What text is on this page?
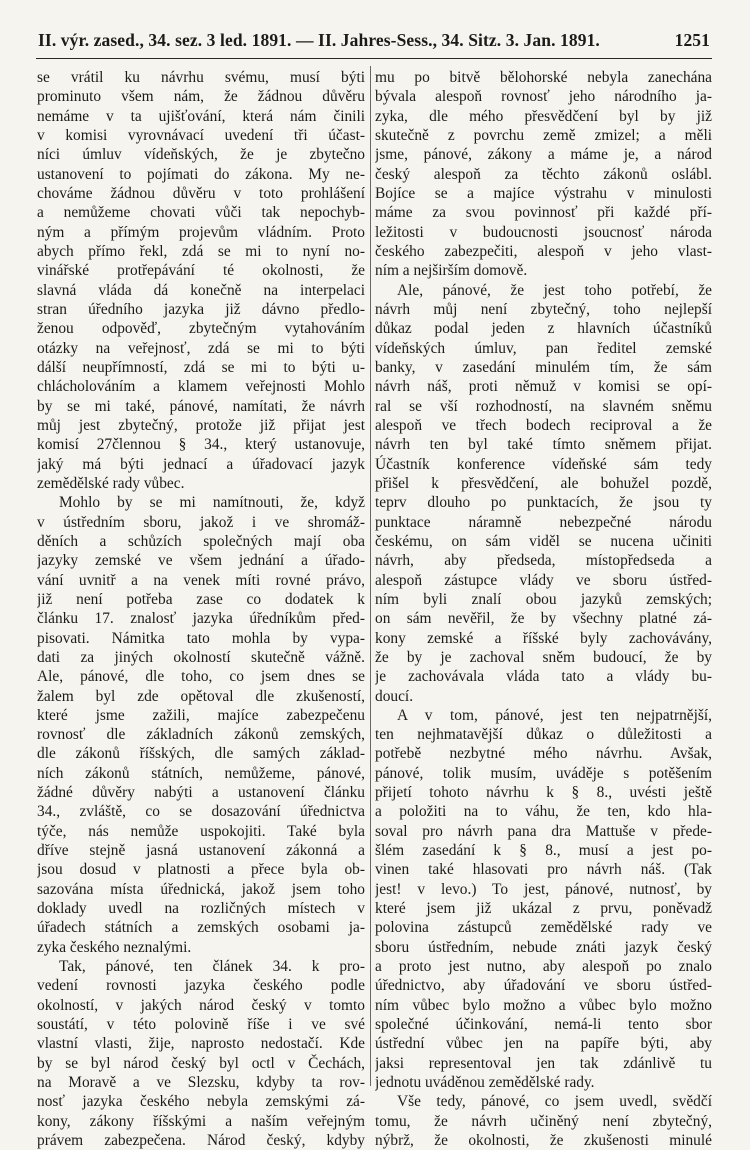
II. výr. zased., 34. sez. 3 led. 1891. — II. Jahres-Sess., 34. Sitz. 3. Jan. 1891.	1251
se vrátil ku návrhu svému, musí býti
prominuto všem nám, že žádnou důvěru
nemáme v ta ujišťování, která nám činili
v komisi vyrovnávací uvedení tři účast-
níci úmluv vídeňských, že je zbytečno
ustanovení to pojímati do zákona. My ne-
chováme žádnou důvěru v toto prohlášení
a nemůžeme chovati vůči tak nepochyb-
ným a přímým projevům vládním. Proto
abych přímo řekl, zdá se mi to nyní no-
vinářské protřepávání té okolnosti, že
slavná vláda dá konečně na interpelaci
stran úředního jazyka již dávno předlo-
ženou odpověď, zbytečným vytahováním
otázky na veřejnosť, zdá se mi to býti
dálší neupřímností, zdá se mi to býti u-
chlácholováním a klamem veřejnosti Mohlo
by se mi také, pánové, namítati, že návrh
můj jest zbytečný, protože již přijat jest
komisí 27člennou § 34., který ustanovuje,
jaký má býti jednací a úřadovací jazyk
zemědělské rady vůbec.
Mohlo by se mi namítnouti, že, když
v ústředním sboru, jakož i ve shromáž-
děních a schůzích společných mají oba
jazyky zemské ve všem jednání a úřado-
vání uvnitř a na venek míti rovné právo,
již není potřeba zase co dodatek k
článku 17. znalosť jazyka úředníkům před-
pisovati. Námitka tato mohla by vypa-
dati za jiných okolností skutečně vážně.
Ale, pánové, dle toho, co jsem dnes se
žalem byl zde opětoval dle zkušeností,
které jsme zažili, majíce zabezpečenu
rovnosť dle základních zákonů zemských,
dle zákonů říšských, dle samých základ-
ních zákonů státních, nemůžeme, pánové,
žádné důvěry nabýti a ustanovení článku
34., zvláště, co se dosazování úřednictva
týče, nás nemůže uspokojiti. Také byla
dříve stejně jasná ustanovení zákonná a
jsou dosud v platnosti a přece byla ob-
sazována místa úřednická, jakož jsem toho
doklady uvedl na rozličných místech v
úřadech státních a zemských osobami ja-
zyka českého neznalými.
Tak, pánové, ten článek 34. k pro-
vedení rovnosti jazyka českého podle
okolností, v jakých národ český v tomto
soustátí, v této polovině říše i ve své
vlastní vlasti, žije, naprosto nedostačí. Kde
by se byl národ český byl octl v Čechách,
na Moravě a ve Slezsku, kdyby ta rov-
nosť jazyka českého nebyla zemskými zá-
kony, zákony říšskými a naším veřejným
právem zabezpečena. Národ český, kdyby
mu po bitvě bělohorské nebyla zanechána
bývala alespoň rovnosť jeho národního ja-
zyka, dle mého přesvědčení byl by již
skutečně z povrchu země zmizel; a měli
jsme, pánové, zákony a máme je, a národ
český alespoň za těchto zákonů oslábl.
Bojíce se a majíce výstrahu v minulosti
máme za svou povinnosť při každé pří-
ležitosti v budoucnosti jsoucnosť národa
českého zabezpečiti, alespoň v jeho vlast-
ním a nejširším domově.
Ale, pánové, že jest toho potřebí, že
návrh můj není zbytečný, toho nejlepší
důkaz podal jeden z hlavních účastníků
vídeňských úmluv, pan ředitel zemské
banky, v zasedání minulém tím, že sám
návrh náš, proti němuž v komisi se opí-
ral se vší rozhodností, na slavném sněmu
alespoň ve třech bodech reciproval a že
návrh ten byl také tímto sněmem přijat.
Účastník konference vídeňské sám tedy
přišel k přesvědčení, ale bohužel pozdě,
teprv dlouho po punktacích, že jsou ty
punktace náramně nebezpečné národu
českému, on sám viděl se nucena učiniti
návrh, aby předseda, místopředseda a
alespoň zástupce vlády ve sboru ústřed-
ním byli znalí obou jazyků zemských;
on sám nevěřil, že by všechny platné zá-
kony zemské a říšské byly zachovávány,
že by je zachoval sněm budoucí, že by
je zachovávala vláda tato a vlády bu-
doucí.
A v tom, pánové, jest ten nejpatrnější,
ten nejhmatavější důkaz o důležitosti a
potřebě nezbytné mého návrhu. Avšak,
pánové, tolik musím, uváděje s potěšením
přijetí tohoto návrhu k § 8., uvésti ještě
a položiti na to váhu, že ten, kdo hla-
soval pro návrh pana dra Mattuše v přede-
šlém zasedání k § 8., musí a jest po-
vinen také hlasovati pro návrh náš. (Tak
jest! v levo.) To jest, pánové, nutnosť, by
které jsem již ukázal z prvu, poněvadž
polovina zástupců zemědělské rady ve
sboru ústředním, nebude znáti jazyk český
a proto jest nutno, aby alespoň po znalo
úřednictvo, aby úřadování ve sboru ústřed-
ním vůbec bylo možno a vůbec bylo možno
společné účinkování, nemá-li tento sbor
ústřední vůbec jen na papíře býti, aby
jaksi representoval jen tak zdánlivě tu
jednotu uváděnou zemědělské rady.
Vše tedy, pánové, co jsem uvedl, svědčí
tomu, že návrh učiněný není zbytečný,
nýbrž, že okolnosti, že zkušenosti minulé
